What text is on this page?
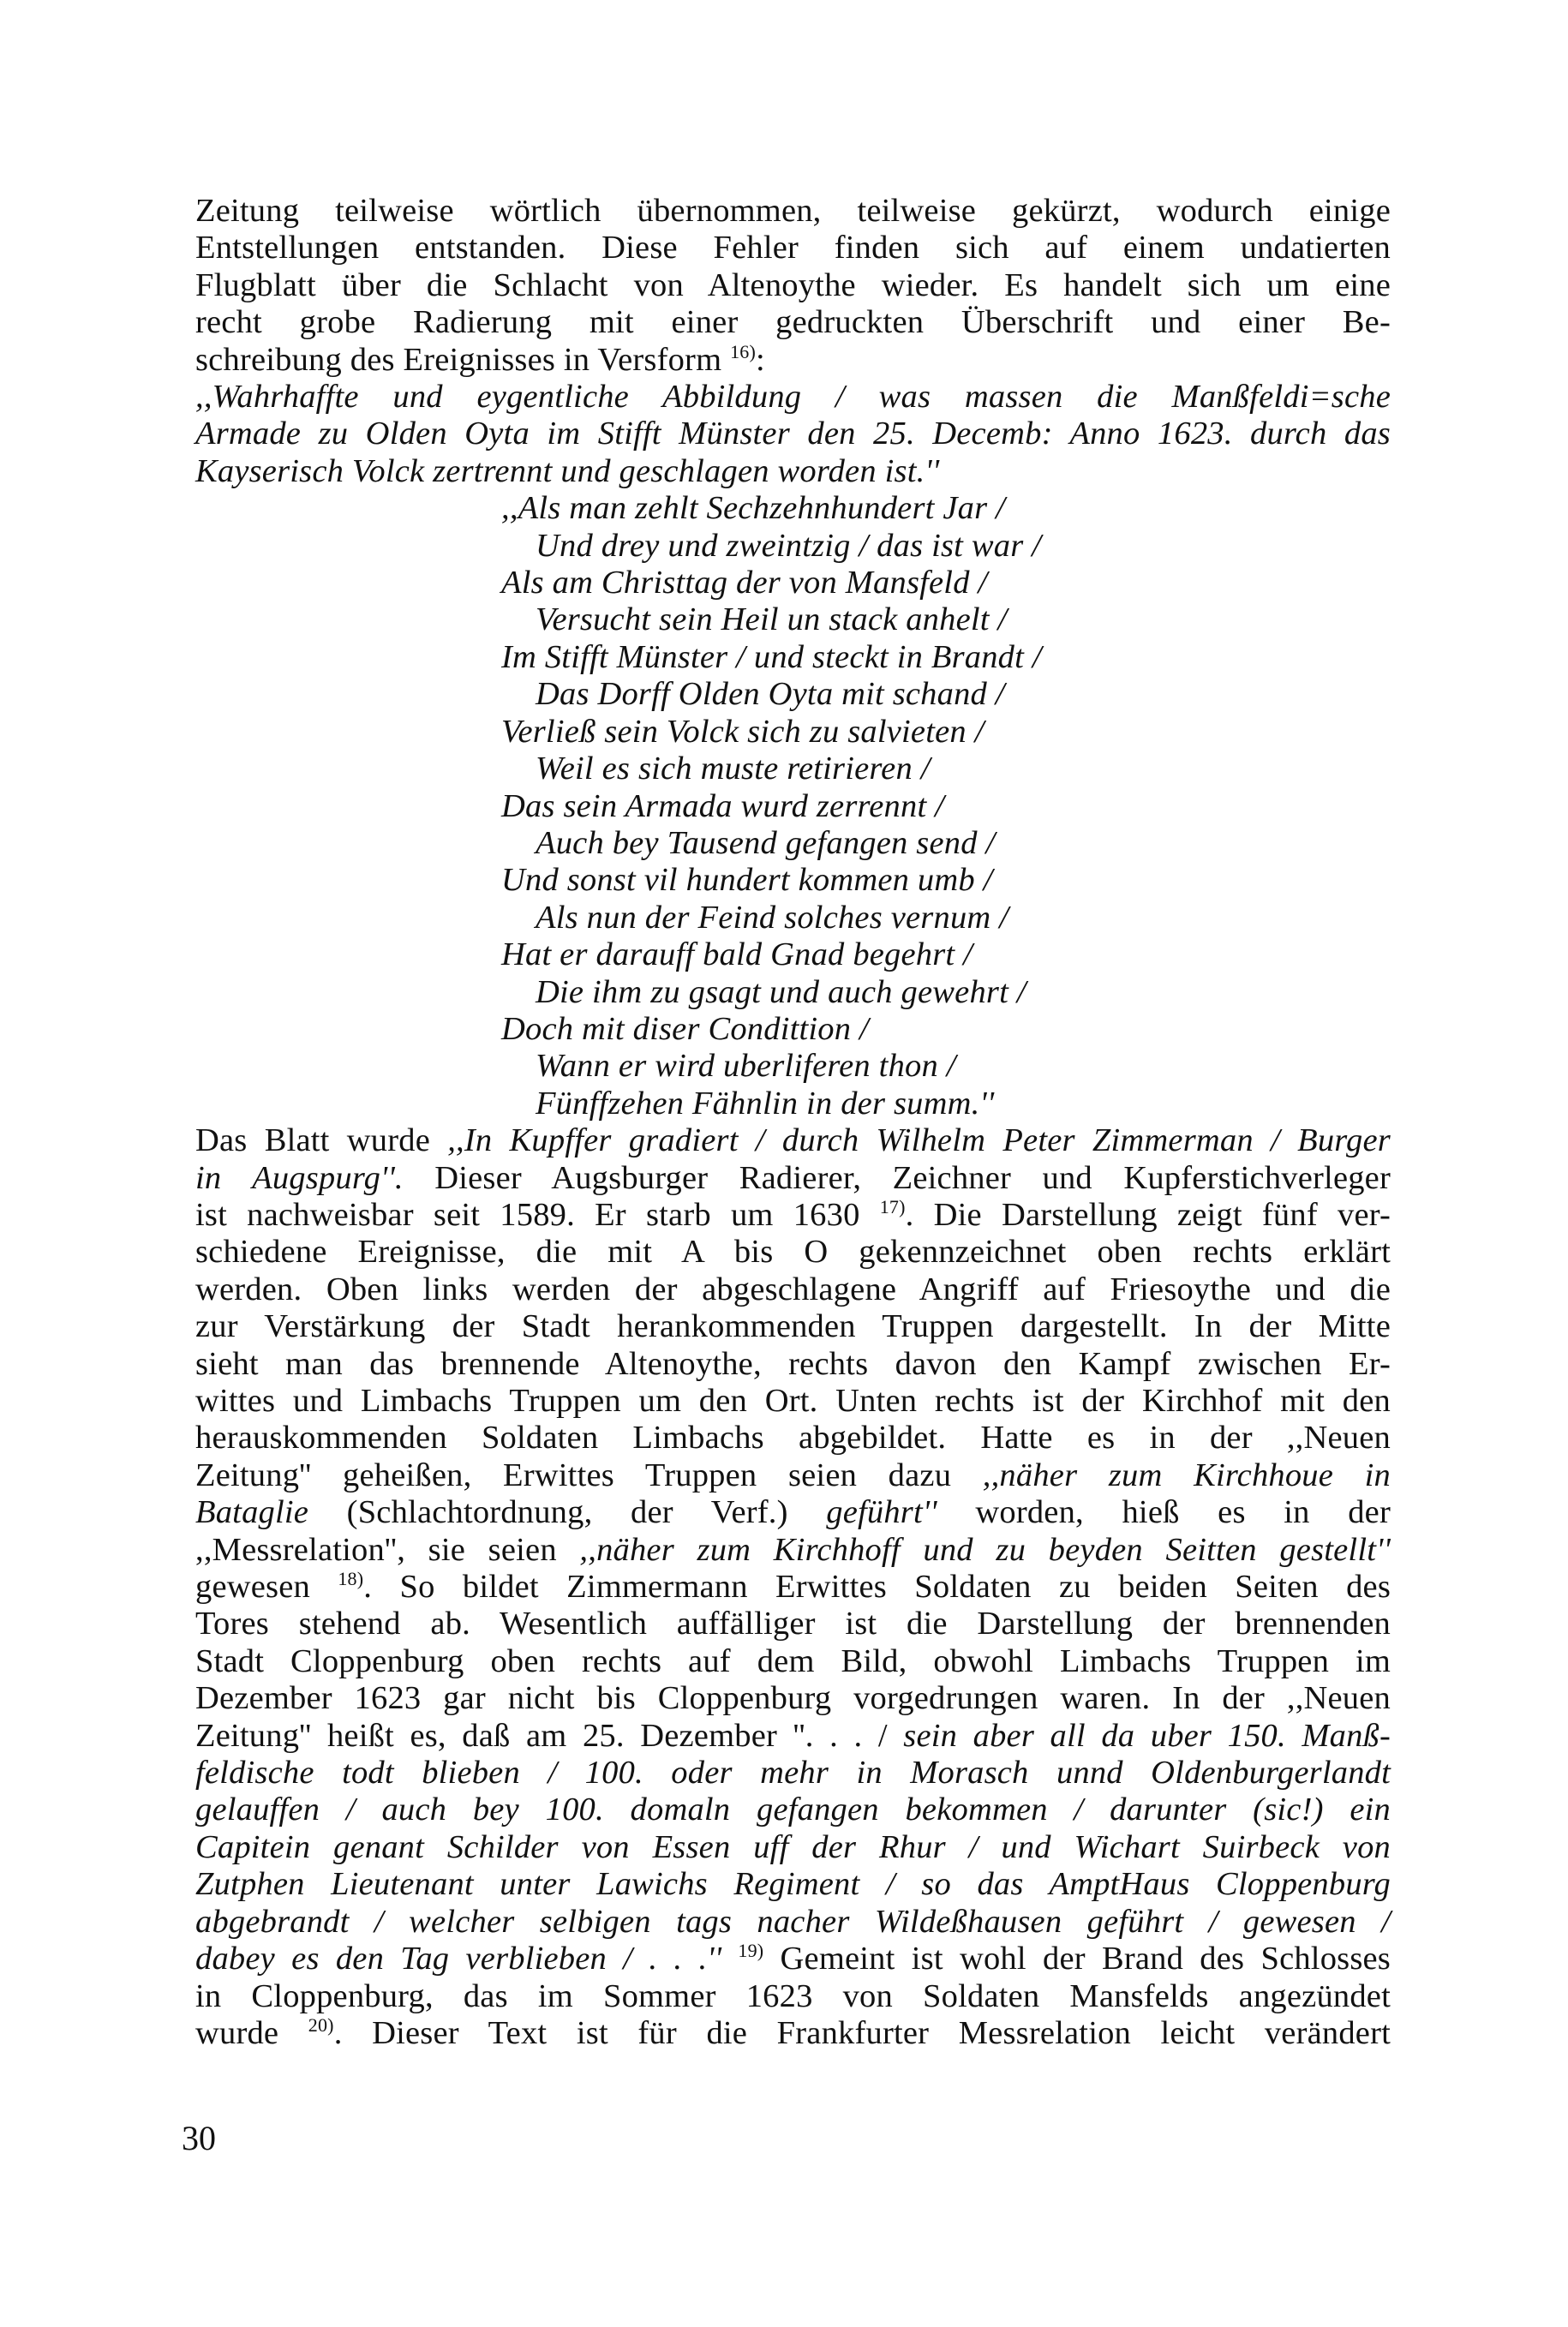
Zeitung teilweise wörtlich übernommen, teilweise gekürzt, wodurch einige

Entstellungen entstanden. Diese Fehler finden sich auf einem undatierten

Flugblatt über die Schlacht von Altenoythe wieder. Es handelt sich um eine

recht grobe Radierung mit einer gedruckten Überschrift und einer Be-

schreibung des Ereignisses in Versform $^{16)}$:

,,Wahrhaffte und eygentliche Abbildung / was massen die Manßfeldi=sche

Armade zu Olden Oyta im Stifft Münster den 25. Decemb: Anno 1623. durch das

Kayserisch Volck zertrennt und geschlagen worden ist.''

,,Als man zehlt Sechzehnhundert Jar /
Und drey und zweintzig / das ist war /
Als am Christtag der von Mansfeld /
Versucht sein Heil un stack anhelt /
Im Stifft Münster / und steckt in Brandt /
Das Dorff Olden Oyta mit schand /
Verließ sein Volck sich zu salvieten /
Weil es sich muste retirieren /
Das sein Armada wurd zerrennt /
Auch bey Tausend gefangen send /
Und sonst vil hundert kommen umb /
Als nun der Feind solches vernum /
Hat er darauff bald Gnad begehrt /
Die ihm zu gsagt und auch gewehrt /
Doch mit diser Condittion /
Wann er wird uberliferen thon /
Fünffzehen Fähnlin in der summ.''

Das Blatt wurde ,,In Kupffer gradiert / durch Wilhelm Peter Zimmerman / Burger

in Augspurg''. Dieser Augsburger Radierer, Zeichner und Kupferstichverleger

ist nachweisbar seit 1589. Er starb um 1630 $^{17)}$. Die Darstellung zeigt fünf ver-

schiedene Ereignisse, die mit A bis O gekennzeichnet oben rechts erklärt

werden. Oben links werden der abgeschlagene Angriff auf Friesoythe und die

zur Verstärkung der Stadt herankommenden Truppen dargestellt. In der Mitte

sieht man das brennende Altenoythe, rechts davon den Kampf zwischen Er-

wittes und Limbachs Truppen um den Ort. Unten rechts ist der Kirchhof mit den

herauskommenden Soldaten Limbachs abgebildet. Hatte es in der ,,Neuen

Zeitung'' geheißen, Erwittes Truppen seien dazu ,,näher zum Kirchhoue in

Bataglie (Schlachtordnung, der Verf.) geführt'' worden, hieß es in der

,,Messrelation'', sie seien ,,näher zum Kirchhoff und zu beyden Seitten gestellt''

gewesen $^{18)}$. So bildet Zimmermann Erwittes Soldaten zu beiden Seiten des

Tores stehend ab. Wesentlich auffälliger ist die Darstellung der brennenden

Stadt Cloppenburg oben rechts auf dem Bild, obwohl Limbachs Truppen im

Dezember 1623 gar nicht bis Cloppenburg vorgedrungen waren. In der ,,Neuen

Zeitung'' heißt es, daß am 25. Dezember ''. . . / sein aber all da uber 150. Manß-

feldische todt blieben / 100. oder mehr in Morasch unnd Oldenburgerlandt

gelauffen / auch bey 100. domaln gefangen bekommen / darunter (sic!) ein

Capitein genant Schilder von Essen uff der Rhur / und Wichart Suirbeck von

Zutphen Lieutenant unter Lawichs Regiment / so das AmptHaus Cloppenburg

abgebrandt / welcher selbigen tags nacher Wildeßhausen geführt / gewesen /

dabey es den Tag verblieben / . . .'' $^{19)}$ Gemeint ist wohl der Brand des Schlosses

in Cloppenburg, das im Sommer 1623 von Soldaten Mansfelds angezündet

wurde $^{20)}$. Dieser Text ist für die Frankfurter Messrelation leicht verändert

30
